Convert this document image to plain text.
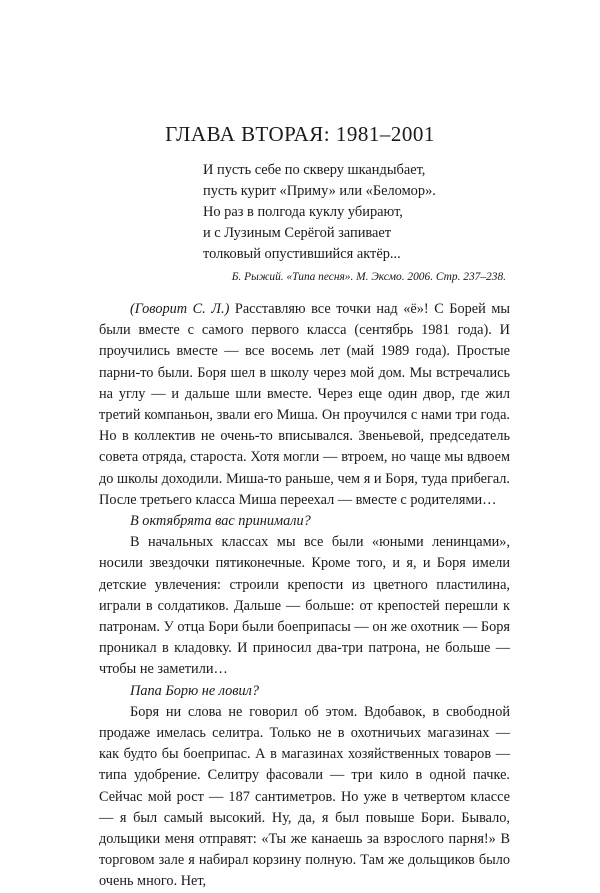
ГЛАВА ВТОРАЯ: 1981–2001
И пусть себе по скверу шкандыбает,
пусть курит «Приму» или «Беломор».
Но раз в полгода куклу убирают,
и с Лузиным Серёгой запивает
толковый опустившийся актёр...
Б. Рыжий. «Типа песня». М. Эксмо. 2006. Стр. 237–238.

(Говорит С. Л.) Расставляю все точки над «ё»! С Борей мы были вместе с самого первого класса (сентябрь 1981 года). И проучились вместе — все восемь лет (май 1989 года). Простые парни-то были. Боря шел в школу через мой дом. Мы встречались на углу — и дальше шли вместе. Через еще один двор, где жил третий компаньон, звали его Миша. Он проучился с нами три года. Но в коллектив не очень-то вписывался. Звеньевой, председатель совета отряда, староста. Хотя могли — втроем, но чаще мы вдвоем до школы доходили. Миша-то раньше, чем я и Боря, туда прибегал. После третьего класса Миша переехал — вместе с родителями…

В октябрята вас принимали?

В начальных классах мы все были «юными ленинцами», носили звездочки пятиконечные. Кроме того, и я, и Боря имели детские увлечения: строили крепости из цветного пластилина, играли в солдатиков. Дальше — больше: от крепостей перешли к патронам. У отца Бори были боеприпасы — он же охотник — Боря проникал в кладовку. И приносил два-три патрона, не больше — чтобы не заметили…

Папа Борю не ловил?

Боря ни слова не говорил об этом. Вдобавок, в свободной продаже имелась селитра. Только не в охотничьих магазинах — как будто бы боеприпас. А в магазинах хозяйственных товаров — типа удобрение. Селитру фасовали — три кило в одной пачке. Сейчас мой рост — 187 сантиметров. Но уже в четвертом классе — я был самый высокий. Ну, да, я был повыше Бори. Бывало, дольщики меня отправят: «Ты же канаешь за взрослого парня!» В торговом зале я набирал корзину полную. Там же дольщиков было очень много. Нет,
